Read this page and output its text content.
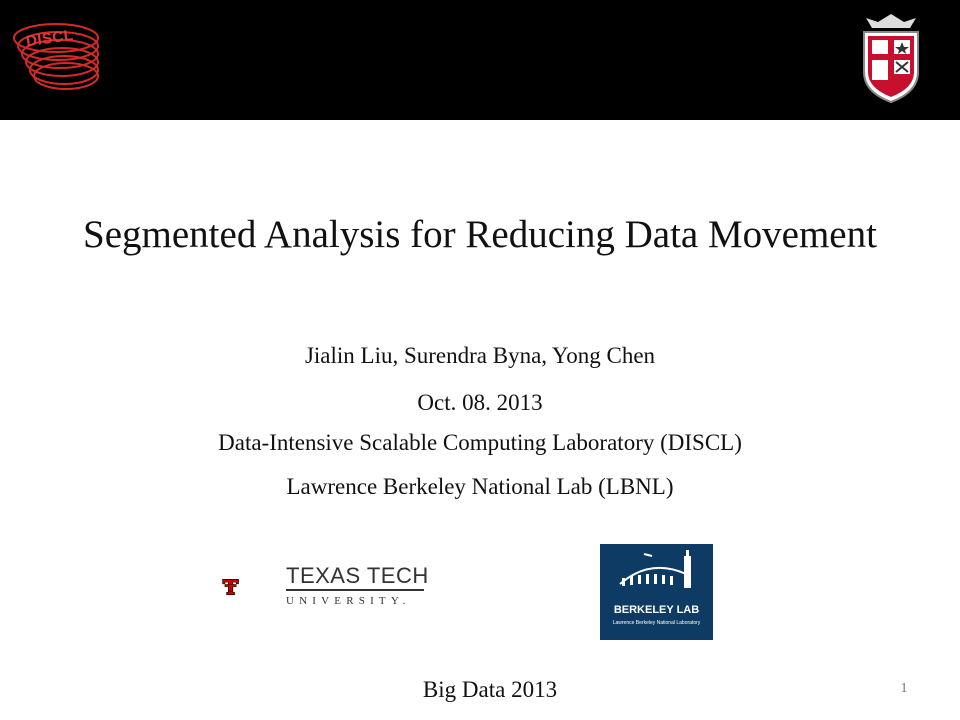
DISCL
Segmented Analysis for Reducing Data Movement
Jialin Liu, Surendra Byna, Yong Chen
Oct. 08. 2013
Data-Intensive Scalable Computing Laboratory (DISCL)
Lawrence Berkeley National Lab (LBNL)
TEXAS TECH
UNIVERSITY.
BERKELEY LAB
Lawrence Berkeley National Laboratory
Big Data 2013	1
